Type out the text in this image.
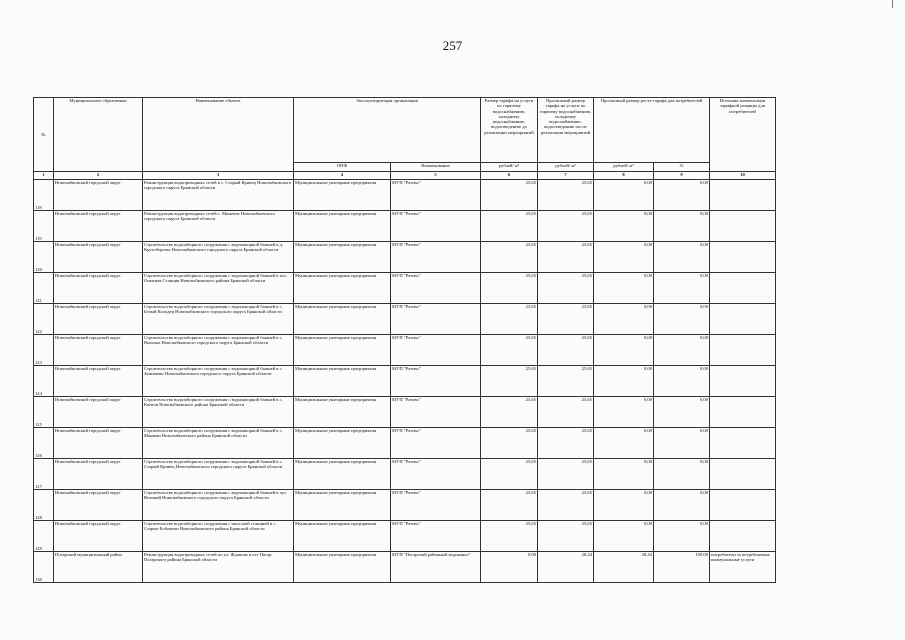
257
№	Муниципальное образование	Наименование объекта	Эксплуатирующая организация		Размер тарифа на услуги по горячему водоснабжению, холодному водоснабжению, водоотведению до реализации мероприятий	Прогнозный размер тарифа на услуги по горячему водоснабжению, холодному водоснабжению, водоотведению после реализации мероприятий	Прогнозный размер роста тарифа для потребителей		Источник компенсации тарифной разницы для потребителей
			ОПФ	Наименование	рублей/ м³	рублей/ м³	рублей/ м³	%	
1	2	3	4	5	6	7	8	9	10
118	Новозыбковский городской округ	Реконструкция водопроводных сетей в с. Старый Кривец Новозыбковского городского округа Брянской области	Муниципальные унитарные предприятия	МУП "Ратово"	25,65	25,65	0,00	0,00	
119	Новозыбковский городской округ	Реконструкция водопроводных сетей с. Мамечек Новозыбковского городского округа Брянской области	Муниципальные унитарные предприятия	МУП "Ратово"	25,65	25,65	0,00	0,00	
120	Новозыбковский городской округ	Строительство водозаборного сооружения с водонапорной башней в д. Крутоберезка Новозыбковского городского округа Брянской области	Муниципальные унитарные предприятия	МУП "Ратово"	25,65	25,65	0,00	0,00	
121	Новозыбковский городской округ	Строительство водозаборного сооружения с водонапорной башней в пос. Опытная Станция Новозыбковского района Брянской области	Муниципальные унитарные предприятия	МУП "Ратово"	25,65	25,65	0,00	0,00	
122	Новозыбковский городской округ	Строительство водозаборного сооружения с водонапорной башней в с. Белый Колодец Новозыбковского городского округа Брянской области	Муниципальные унитарные предприятия	МУП "Ратово"	25,65	25,65	0,00	0,00	
123	Новозыбковский городской округ	Строительство водозаборного сооружения с водонапорной башней в с. Вихолка Новозыбковского городского округа Брянской области	Муниципальные унитарные предприятия	МУП "Ратово"	25,65	25,65	0,00	0,00	
124	Новозыбковский городской округ	Строительство водозаборного сооружения с водонапорной башней в с. Замишево Новозыбковского городского округа Брянской области	Муниципальные унитарные предприятия	МУП "Ратово"	25,65	25,65	0,00	0,00	
125	Новозыбковский городской округ	Строительство водозаборного сооружения с водонапорной башней в с. Катичи Новозыбковского района Брянской области	Муниципальные унитарные предприятия	МУП "Ратово"	25,65	25,65	0,00	0,00	
126	Новозыбковский городской округ	Строительство водозаборного сооружения с водонапорной башней в с. Манюки Новозыбковского района Брянской области	Муниципальные унитарные предприятия	МУП "Ратово"	25,65	25,65	0,00	0,00	
127	Новозыбковский городской округ	Строительство водозаборного сооружения с водонапорной башней в с. Старый Кривец Новозыбковского городского округа Брянской области	Муниципальные унитарные предприятия	МУП "Ратово"	25,65	25,65	0,00	0,00	
128	Новозыбковский городской округ	Строительство водозаборного сооружения с водонапорной башней в хут. Великий Новозыбковского городского округа Брянской области	Муниципальные унитарные предприятия	МУП "Ратово"	25,65	25,65	0,00	0,00	
129	Новозыбковский городской округ	Строительство водозаборного сооружения с насосной станцией в с. Старые Бобовичи Новозыбковского района Брянской области	Муниципальные унитарные предприятия	МУП "Ратово"	25,65	25,65	0,00	0,00	
130	Погарский муниципальный район	Реконструкция водопроводных сетей по ул. Жданова в пгт Погар Погарского района Брянской области	Муниципальные унитарные предприятия	МУП "Погарский районный водоканал"	0,00	28,44	28,44	100,00	потребители за потребляемые коммунальные услуги
